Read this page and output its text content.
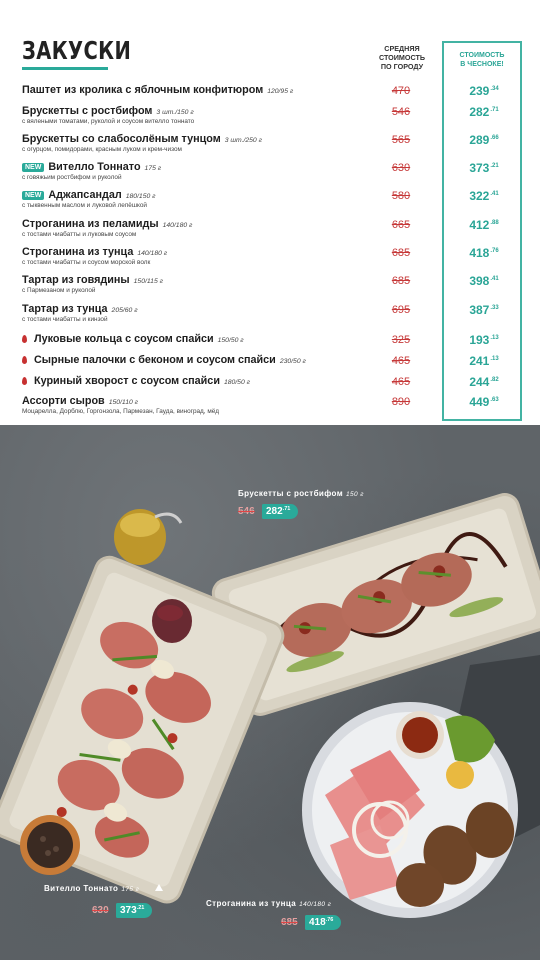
ЗАКУСКИ	СРЕДНЯЯ
СТОИМОСТЬ
ПО ГОРОДУ
СТОИМОСТЬ
В ЧЕСНОКЕ!
Паштет из кролика с яблочным конфитюром 120/95 г	470	$239^{.34}$
Брускетты с ростбифом 3 шт./150 г
с вялеными томатами, руколой и соусом вителло тоннато
546	$282^{.71}$
Брускетты со слабосолёным тунцом 3 шт./250 г
с огурцом, помидорами, красным луком и крем-чизом
565	$289^{.66}$
NEW Вителло Тоннато 175 г
с говяжьим ростбифом и руколой
630	$373^{.21}$
NEW Аджапсандал 180/150 г
с тыквенным маслом и луковой лепёшкой
580	$322^{.41}$
Строганина из пеламиды 140/180 г
с тостами чиабатты и луковым соусом
665	$412^{.88}$
Строганина из тунца 140/180 г
с тостами чиабатты и соусом морской волк
685	$418^{.76}$
Тартар из говядины 150/115 г
с Пармезаном и руколой
685	$398^{.41}$
Тартар из тунца 205/60 г
с тостами чиабатты и кинзой
695	$387^{.33}$
Луковые кольца с соусом спайси 150/50 г	325	$193^{.13}$
Сырные палочки с беконом и соусом спайси 230/50 г	465	$241^{.13}$
Куриный хворост с соусом спайси 180/50 г	465	$244^{.82}$
Ассорти сыров 150/110 г
Моцарелла, Дорблю, Горгонзола, Пармезан, Гауда, виноград, мёд
890	$449^{.63}$
Брускетты с ростбифом 150 г
546	$282^{.71}$
Вителло Тоннато 175 г
630	$373^{.21}$	Строганина из тунца 140/180 г
685	$418^{.76}$
